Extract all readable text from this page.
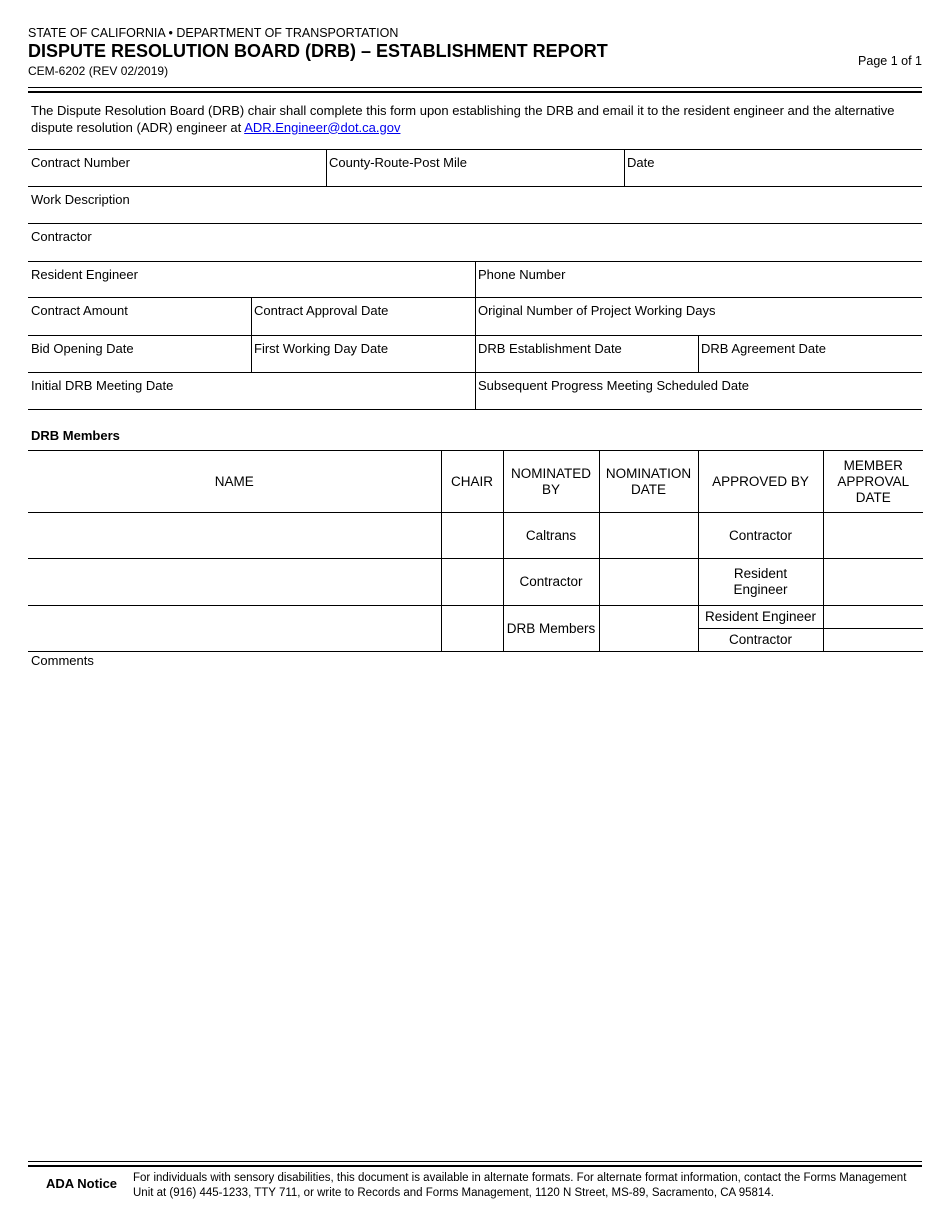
STATE OF CALIFORNIA • DEPARTMENT OF TRANSPORTATION
DISPUTE RESOLUTION BOARD (DRB) – ESTABLISHMENT REPORT
CEM-6202 (REV 02/2019)
Page 1 of 1
The Dispute Resolution Board (DRB) chair shall complete this form upon establishing the DRB and email it to the resident engineer and the alternative dispute resolution (ADR) engineer at ADR.Engineer@dot.ca.gov
Contract Number	County-Route-Post Mile	Date
Work Description
Contractor
Resident Engineer	Phone Number
Contract Amount	Contract Approval Date	Original Number of Project Working Days
Bid Opening Date	First Working Day Date	DRB Establishment Date	DRB Agreement Date
Initial DRB Meeting Date	Subsequent Progress Meeting Scheduled Date
DRB Members
NAME	CHAIR	NOMINATED BY	NOMINATION DATE	APPROVED BY	MEMBER APPROVAL DATE
		Caltrans		Contractor	
		Contractor		Resident Engineer	
		DRB Members		Resident Engineer	
				Contractor	
Comments
ADA Notice For individuals with sensory disabilities, this document is available in alternate formats. For alternate format information, contact the Forms Management Unit at (916) 445-1233, TTY 711, or write to Records and Forms Management, 1120 N Street, MS-89, Sacramento, CA 95814.
